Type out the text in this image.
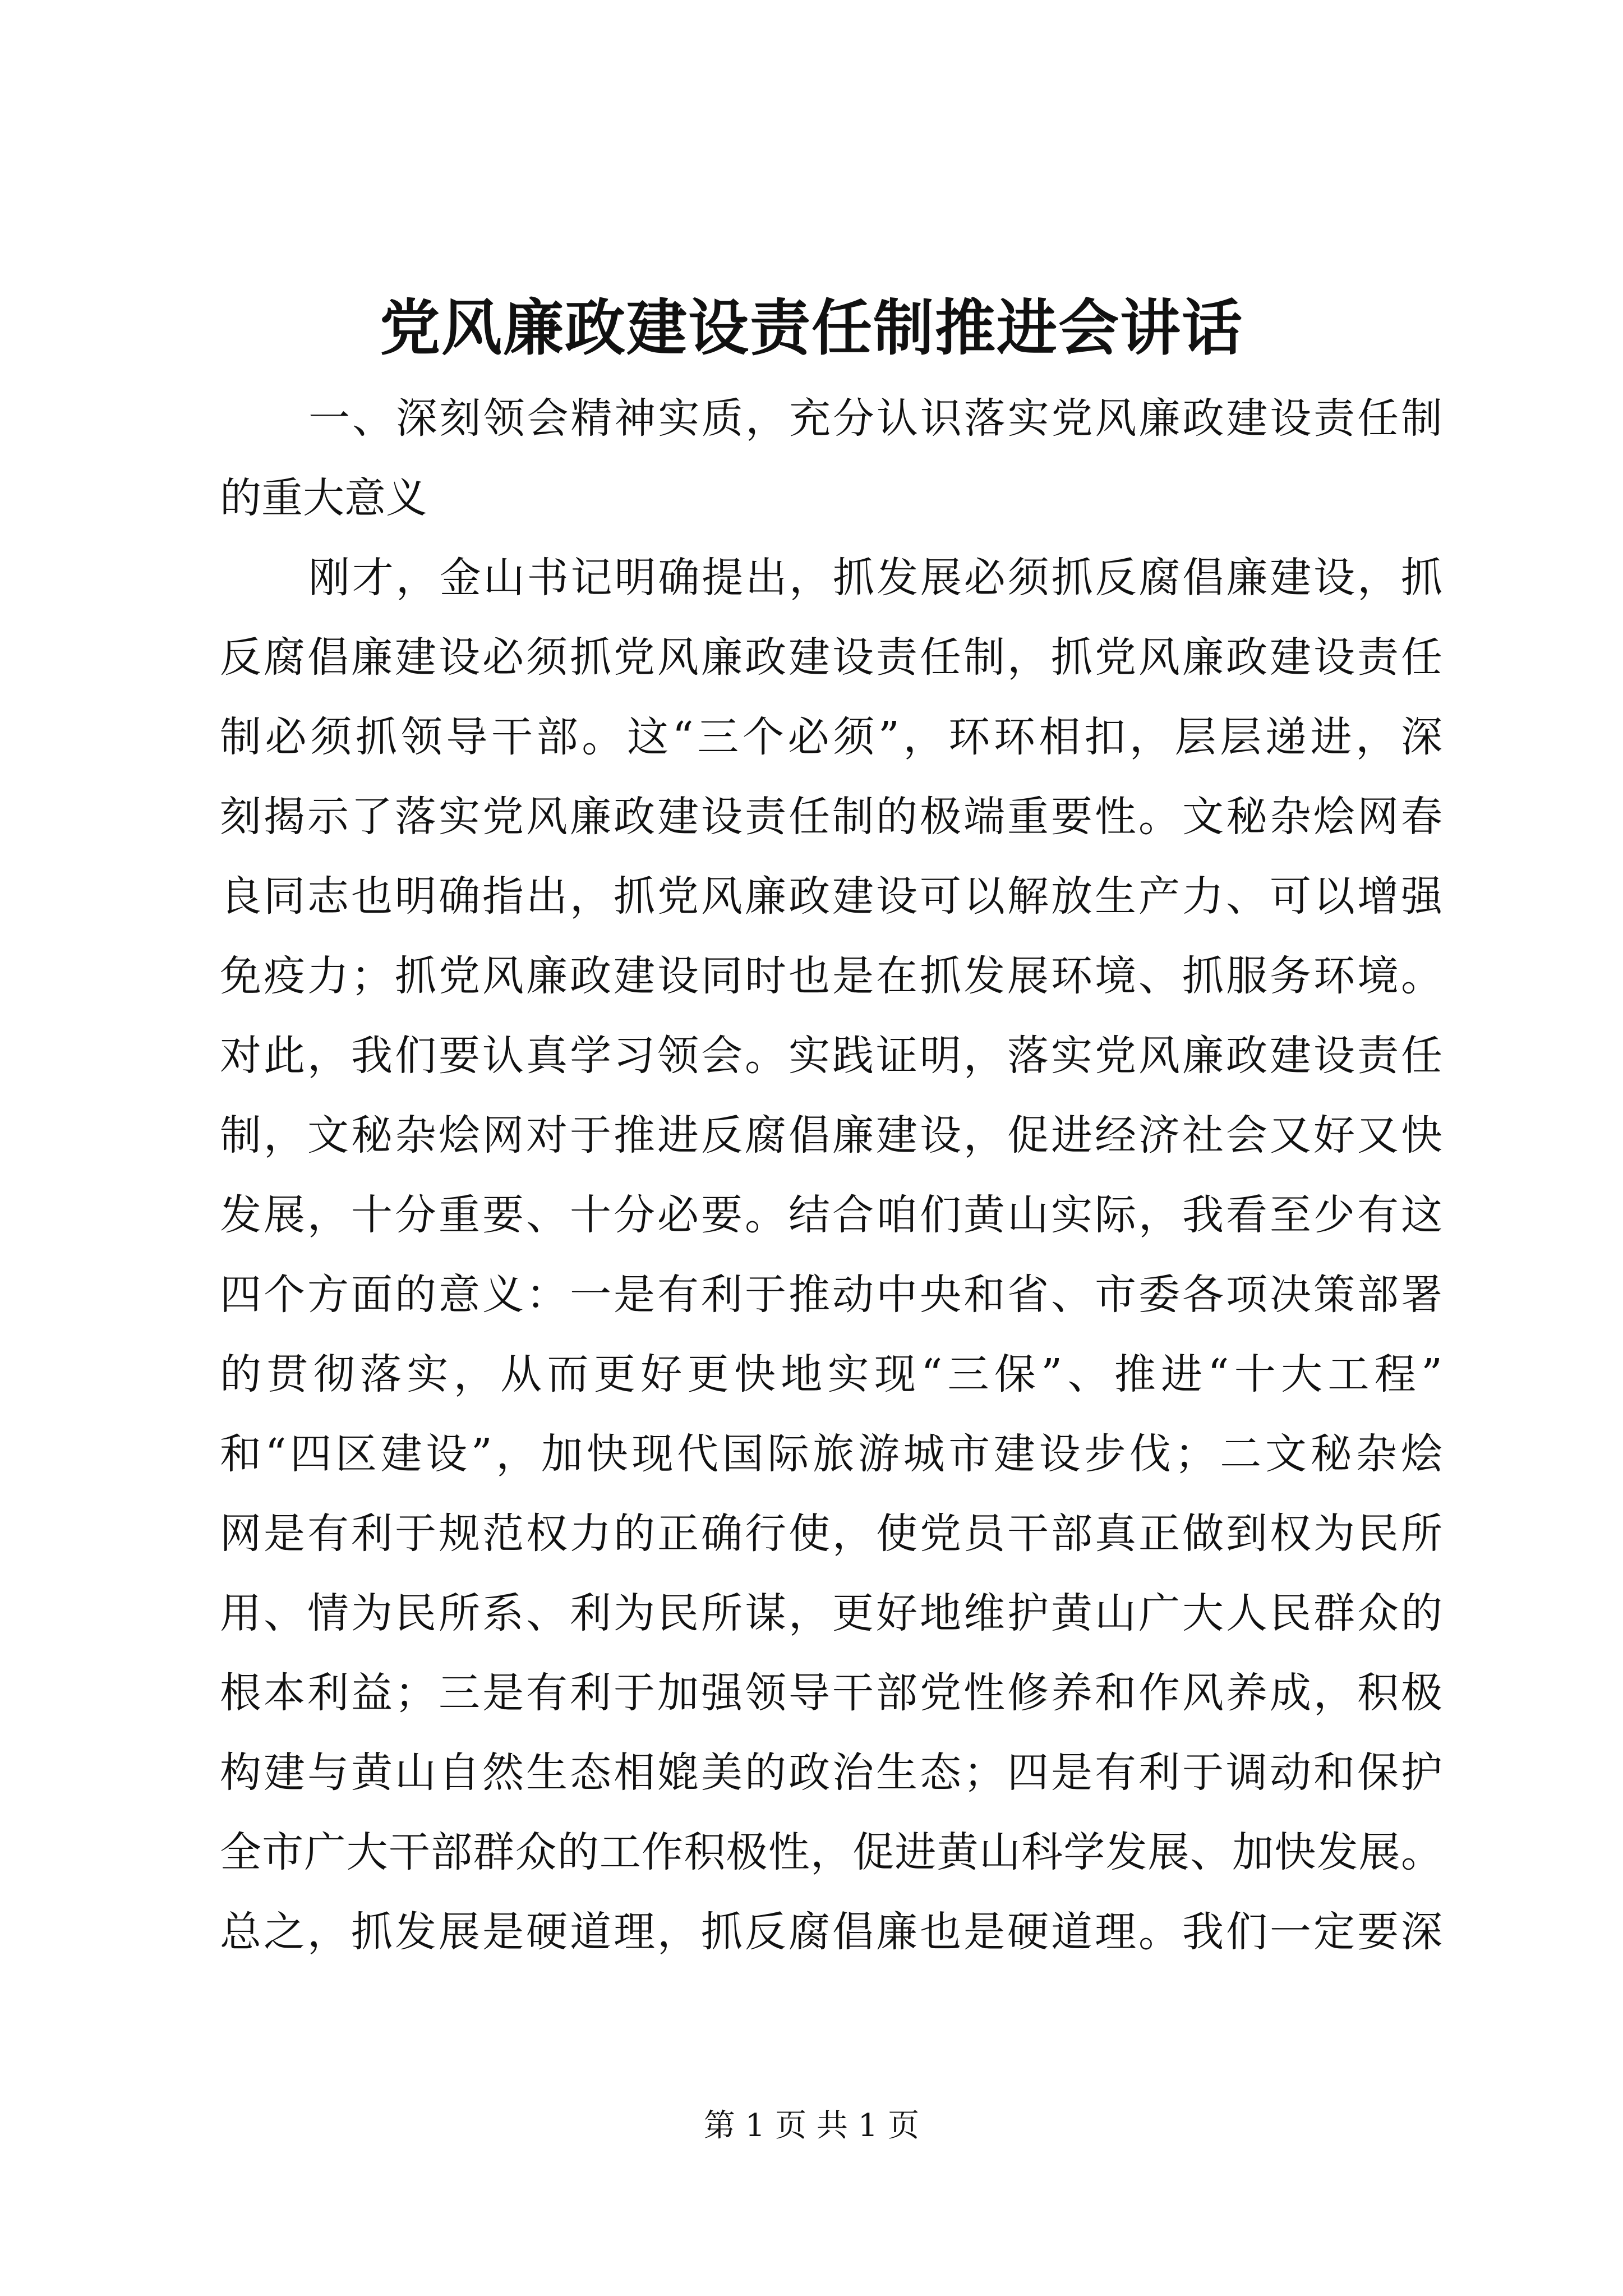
党风廉政建设责任制推进会讲话
一、深刻领会精神实质，充分认识落实党风廉政建设责任制
的重大意义
刚才，金山书记明确提出，抓发展必须抓反腐倡廉建设，抓
反腐倡廉建设必须抓党风廉政建设责任制，抓党风廉政建设责任
制必须抓领导干部。这“三个必须”，环环相扣，层层递进，深
刻揭示了落实党风廉政建设责任制的极端重要性。文秘杂烩网春
良同志也明确指出，抓党风廉政建设可以解放生产力、可以增强
免疫力；抓党风廉政建设同时也是在抓发展环境、抓服务环境。
对此，我们要认真学习领会。实践证明，落实党风廉政建设责任
制，文秘杂烩网对于推进反腐倡廉建设，促进经济社会又好又快
发展，十分重要、十分必要。结合咱们黄山实际，我看至少有这
四个方面的意义：一是有利于推动中央和省、市委各项决策部署
的贯彻落实，从而更好更快地实现“三保”、推进“十大工程”
和“四区建设”，加快现代国际旅游城市建设步伐；二文秘杂烩
网是有利于规范权力的正确行使，使党员干部真正做到权为民所
用、情为民所系、利为民所谋，更好地维护黄山广大人民群众的
根本利益；三是有利于加强领导干部党性修养和作风养成，积极
构建与黄山自然生态相媲美的政治生态；四是有利于调动和保护
全市广大干部群众的工作积极性，促进黄山科学发展、加快发展。
总之，抓发展是硬道理，抓反腐倡廉也是硬道理。我们一定要深
第 1 页 共 1 页
